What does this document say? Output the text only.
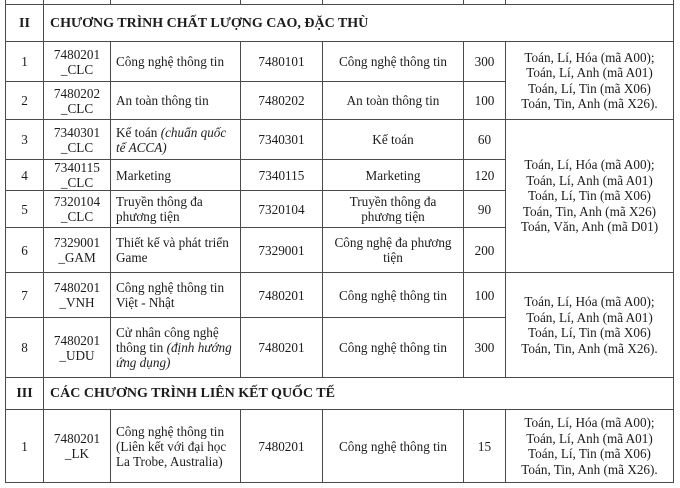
II	CHƯƠNG TRÌNH CHẤT LƯỢNG CAO, ĐẶC THÙ					
1	7480201
_CLC	Công nghệ thông tin	7480101	Công nghệ thông tin	300	Toán, Lí, Hóa (mã A00);
Toán, Lí, Anh (mã A01)
Toán, Lí, Tin (mã X06)
Toán, Tin, Anh (mã X26).
2	7480202
_CLC	An toàn thông tin	7480202	An toàn thông tin	100	
3	7340301
_CLC	Kế toán (chuẩn quốc tế ACCA)	7340301	Kế toán	60	Toán, Lí, Hóa (mã A00);
Toán, Lí, Anh (mã A01)
Toán, Lí, Tin (mã X06)
Toán, Tin, Anh (mã X26)
Toán, Văn, Anh (mã D01)
4	7340115
_CLC	Marketing	7340115	Marketing	120	
5	7320104
_CLC	Truyền thông đa phương tiện	7320104	Truyền thông đa phương tiện	90	
6	7329001
_GAM	Thiết kế và phát triển Game	7329001	Công nghệ đa phương tiện	200	
7	7480201
_VNH	Công nghệ thông tin Việt - Nhật	7480201	Công nghệ thông tin	100	Toán, Lí, Hóa (mã A00);
Toán, Lí, Anh (mã A01)
Toán, Lí, Tin (mã X06)
Toán, Tin, Anh (mã X26).
8	7480201
_UDU	Cử nhân công nghệ thông tin (định hướng ứng dụng)	7480201	Công nghệ thông tin	300	
III	CÁC CHƯƠNG TRÌNH LIÊN KẾT QUỐC TẾ					
1	7480201
_LK	Công nghệ thông tin (Liên kết với đại học La Trobe, Australia)	7480201	Công nghệ thông tin	15	Toán, Lí, Hóa (mã A00);
Toán, Lí, Anh (mã A01)
Toán, Lí, Tin (mã X06)
Toán, Tin, Anh (mã X26).
